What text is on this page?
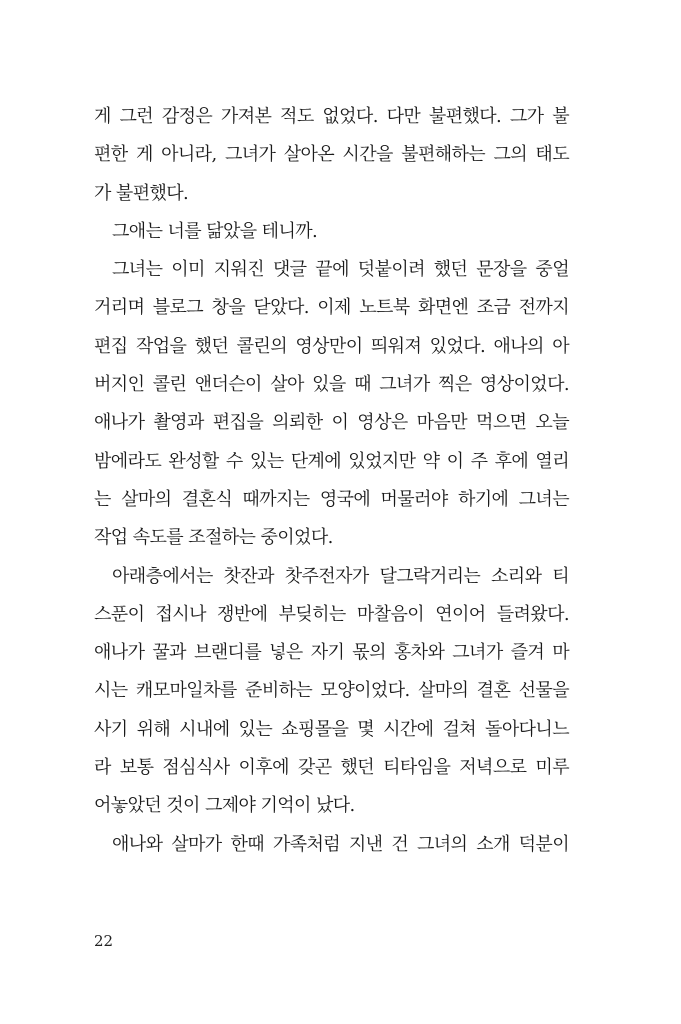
게 그런 감정은 가져본 적도 없었다. 다만 불편했다. 그가 불
편한 게 아니라, 그녀가 살아온 시간을 불편해하는 그의 태도
가 불편했다.
그애는 너를 닮았을 테니까.
그녀는 이미 지워진 댓글 끝에 덧붙이려 했던 문장을 중얼
거리며 블로그 창을 닫았다. 이제 노트북 화면엔 조금 전까지
편집 작업을 했던 콜린의 영상만이 띄워져 있었다. 애나의 아
버지인 콜린 앤더슨이 살아 있을 때 그녀가 찍은 영상이었다.
애나가 촬영과 편집을 의뢰한 이 영상은 마음만 먹으면 오늘
밤에라도 완성할 수 있는 단계에 있었지만 약 이 주 후에 열리
는 살마의 결혼식 때까지는 영국에 머물러야 하기에 그녀는
작업 속도를 조절하는 중이었다.
아래층에서는 찻잔과 찻주전자가 달그락거리는 소리와 티
스푼이 접시나 쟁반에 부딪히는 마찰음이 연이어 들려왔다.
애나가 꿀과 브랜디를 넣은 자기 몫의 홍차와 그녀가 즐겨 마
시는 캐모마일차를 준비하는 모양이었다. 살마의 결혼 선물을
사기 위해 시내에 있는 쇼핑몰을 몇 시간에 걸쳐 돌아다니느
라 보통 점심식사 이후에 갖곤 했던 티타임을 저녁으로 미루
어놓았던 것이 그제야 기억이 났다.
애나와 살마가 한때 가족처럼 지낸 건 그녀의 소개 덕분이
22
